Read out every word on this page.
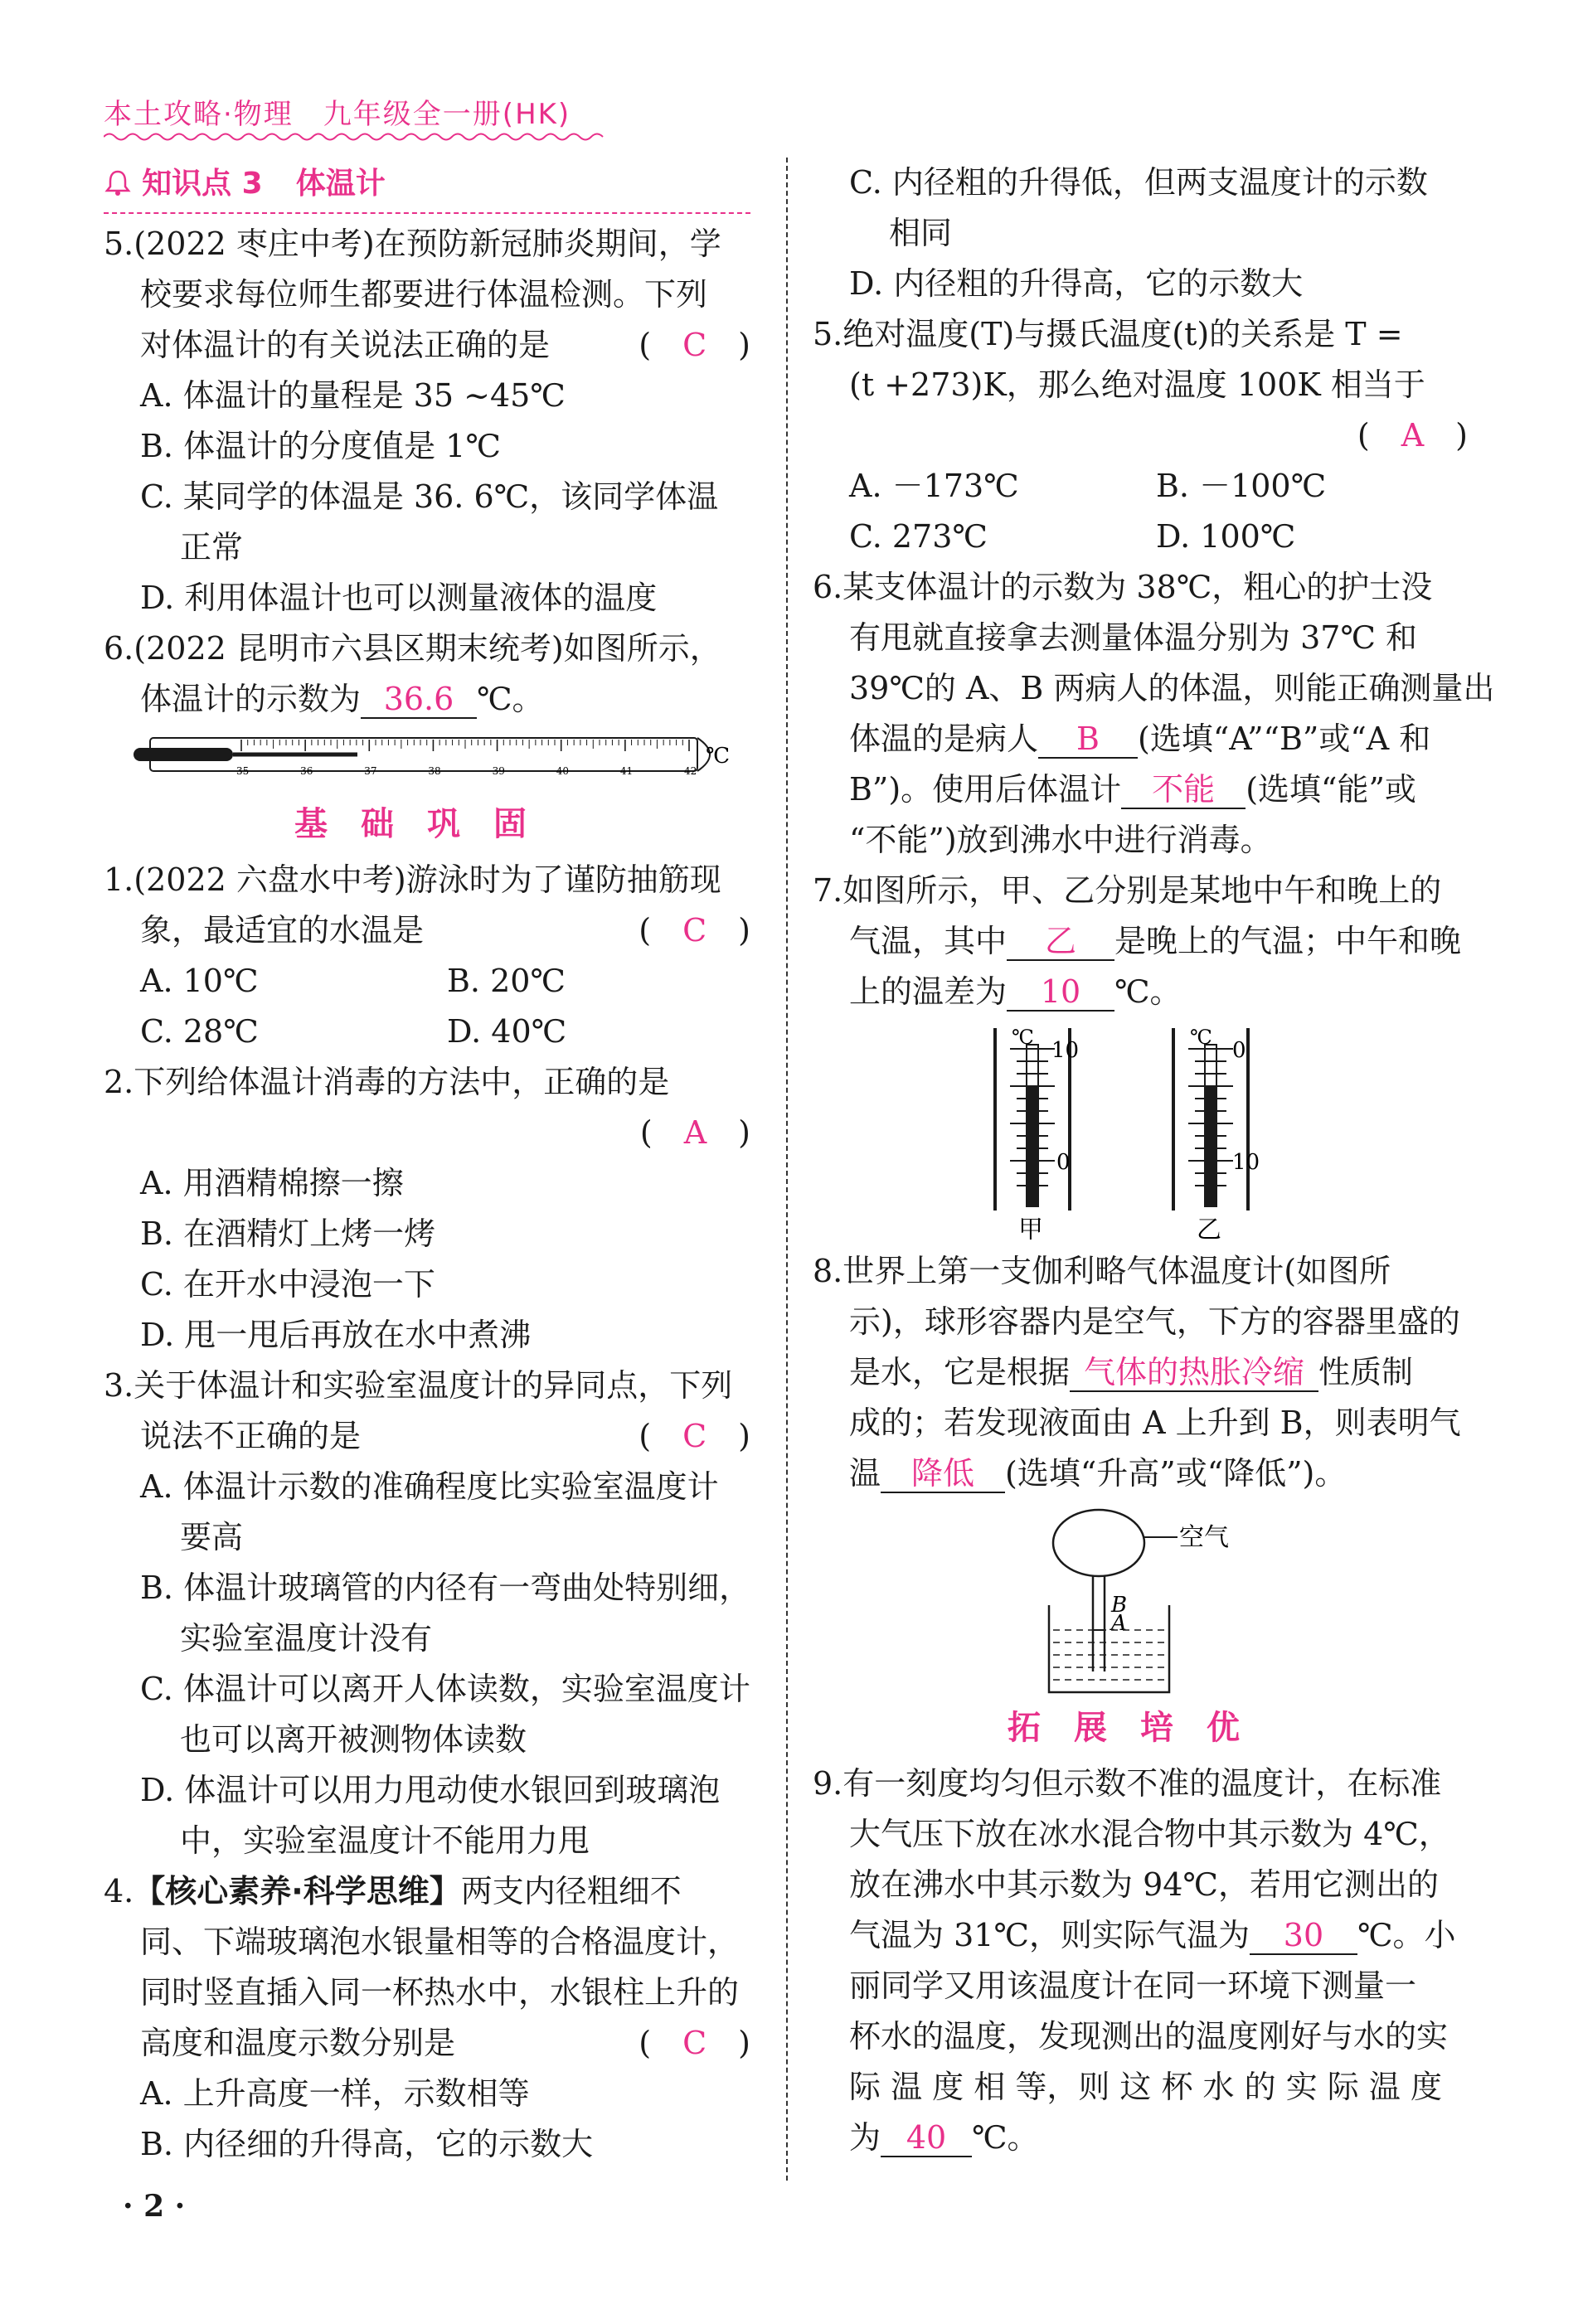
本土攻略·物理　九年级全一册(HK)
知识点 3 体温计
5.(2022 枣庄中考)在预防新冠肺炎期间，学
校要求每位师生都要进行体温检测。下列
对体温计的有关说法正确的是	(　C　)
A. 体温计的量程是 35 ~45℃
B. 体温计的分度值是 1℃
C. 某同学的体温是 36. 6℃，该同学体温
正常
D. 利用体温计也可以测量液体的温度
6.(2022 昆明市六县区期末统考)如图所示，
体温计的示数为 36.6 ℃。
℃
35	36	37	38	39	40	41	42
基础巩固
1.(2022 六盘水中考)游泳时为了谨防抽筋现
象，最适宜的水温是	(　C　)
A. 10℃	B. 20℃
C. 28℃	D. 40℃
2.下列给体温计消毒的方法中，正确的是
(　A　)
A. 用酒精棉擦一擦
B. 在酒精灯上烤一烤
C. 在开水中浸泡一下
D. 甩一甩后再放在水中煮沸
3.关于体温计和实验室温度计的异同点，下列
说法不正确的是	(　C　)
A. 体温计示数的准确程度比实验室温度计
要高
B. 体温计玻璃管的内径有一弯曲处特别细，
实验室温度计没有
C. 体温计可以离开人体读数，实验室温度计
也可以离开被测物体读数
D. 体温计可以用力甩动使水银回到玻璃泡
中，实验室温度计不能用力甩
4.【核心素养·科学思维】两支内径粗细不
同、下端玻璃泡水银量相等的合格温度计，
同时竖直插入同一杯热水中，水银柱上升的
高度和温度示数分别是	(　C　)
A. 上升高度一样，示数相等
B. 内径细的升得高，它的示数大
C. 内径粗的升得低，但两支温度计的示数
相同
D. 内径粗的升得高，它的示数大
5.绝对温度(T)与摄氏温度(t)的关系是 T =
(t +273)K，那么绝对温度 100K 相当于
(　A　)
A. －173℃	B. －100℃
C. 273℃	D. 100℃
6.某支体温计的示数为 38℃，粗心的护士没
有甩就直接拿去测量体温分别为 37℃ 和
39℃的 A、B 两病人的体温，则能正确测量出
体温的是病人 B (选填“A”“B”或“A 和
B”)。使用后体温计 不能 (选填“能”或
“不能”)放到沸水中进行消毒。
7.如图所示，甲、乙分别是某地中午和晚上的
气温，其中 乙 是晚上的气温；中午和晚
上的温差为 10 ℃。
℃
10
0
甲
℃
0
10
乙
8.世界上第一支伽利略气体温度计(如图所
示)，球形容器内是空气，下方的容器里盛的
是水，它是根据 气体的热胀冷缩 性质制
成的；若发现液面由 A 上升到 B，则表明气
温 降低 (选填“升高”或“降低”)。
空气
B
A
拓展培优
9.有一刻度均匀但示数不准的温度计，在标准
大气压下放在冰水混合物中其示数为 4℃，
放在沸水中其示数为 94℃，若用它测出的
气温为 31℃，则实际气温为 30 ℃。小
丽同学又用该温度计在同一环境下测量一
杯水的温度，发现测出的温度刚好与水的实
际 温 度 相 等，则 这 杯 水 的 实 际 温 度
为 40 ℃。
· 2 ·
